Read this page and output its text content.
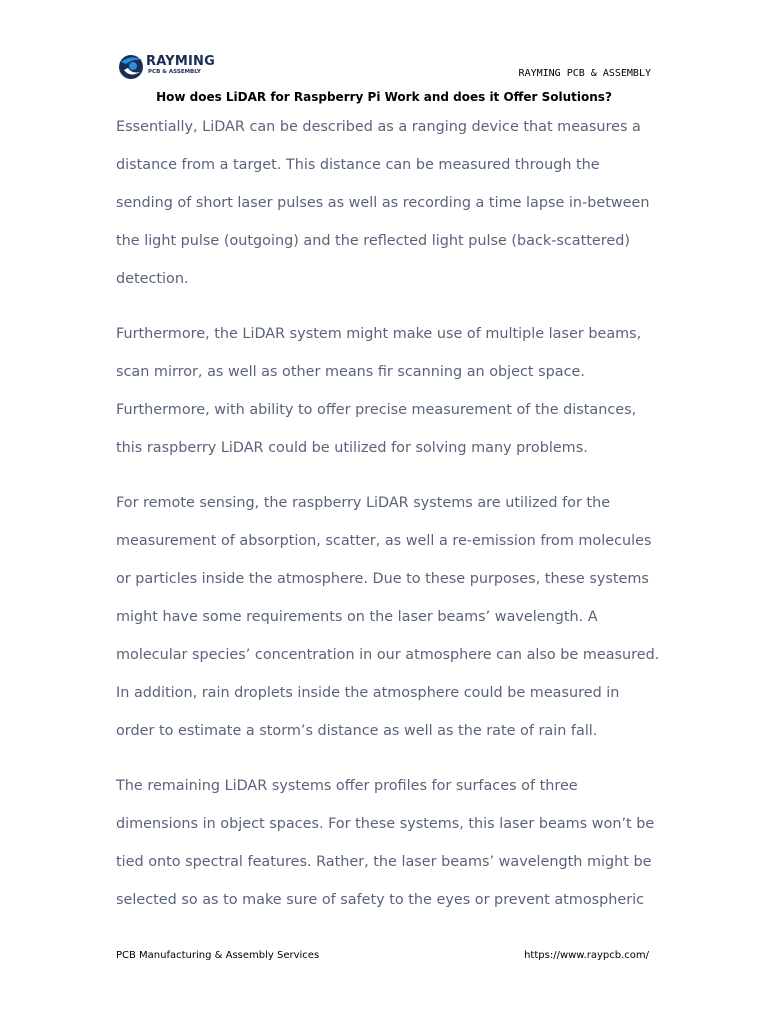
RAYMING
PCB & ASSEMBLY	RAYMING PCB & ASSEMBLY
How does LiDAR for Raspberry Pi Work and does it Offer Solutions?

Essentially, LiDAR can be described as a ranging device that measures a distance from a target. This distance can be measured through the sending of short laser pulses as well as recording a time lapse in-between the light pulse (outgoing) and the reflected light pulse (back-scattered) detection.

Furthermore, the LiDAR system might make use of multiple laser beams, scan mirror, as well as other means fir scanning an object space. Furthermore, with ability to offer precise measurement of the distances, this raspberry LiDAR could be utilized for solving many problems.

For remote sensing, the raspberry LiDAR systems are utilized for the measurement of absorption, scatter, as well a re-emission from molecules or particles inside the atmosphere. Due to these purposes, these systems might have some requirements on the laser beams’ wavelength. A molecular species’ concentration in our atmosphere can also be measured. In addition, rain droplets inside the atmosphere could be measured in order to estimate a storm’s distance as well as the rate of rain fall.

The remaining LiDAR systems offer profiles for surfaces of three dimensions in object spaces. For these systems, this laser beams won’t be tied onto spectral features. Rather, the laser beams’ wavelength might be selected so as to make sure of safety to the eyes or prevent atmospheric

PCB Manufacturing & Assembly Services	https://www.raypcb.com/
